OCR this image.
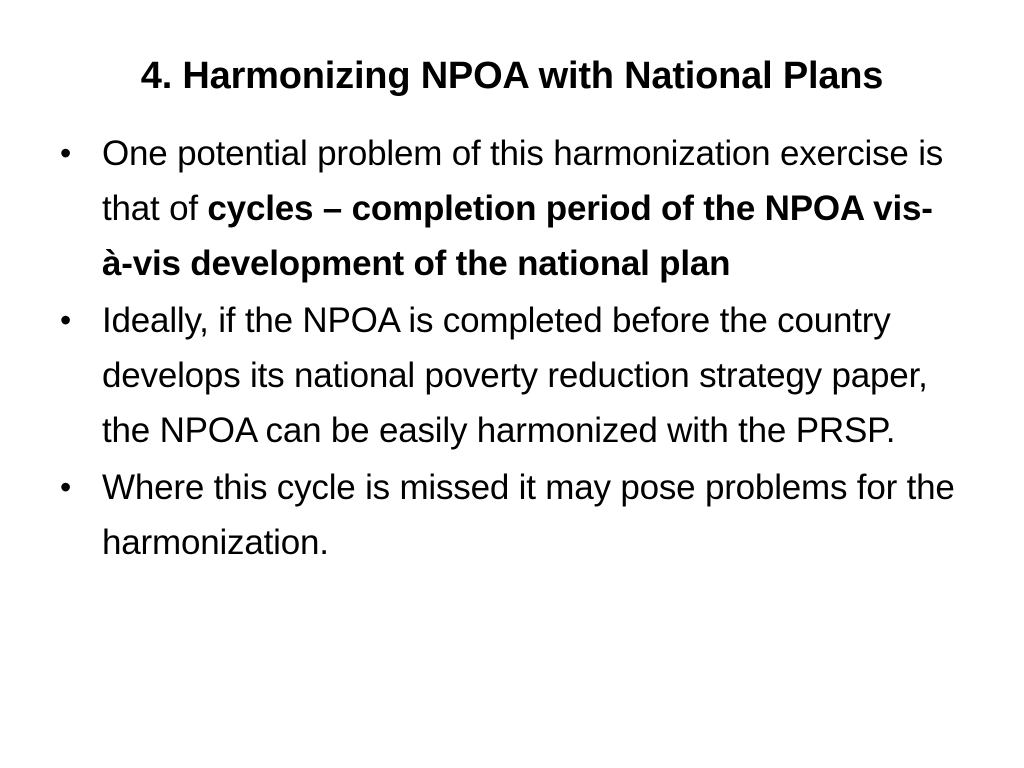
4. Harmonizing NPOA with National Plans
• One potential problem of this harmonization exercise is that of cycles – completion period of the NPOA vis-à-vis development of the national plan
• Ideally, if the NPOA is completed before the country develops its national poverty reduction strategy paper, the NPOA can be easily harmonized with the PRSP.
• Where this cycle is missed it may pose problems for the harmonization.
